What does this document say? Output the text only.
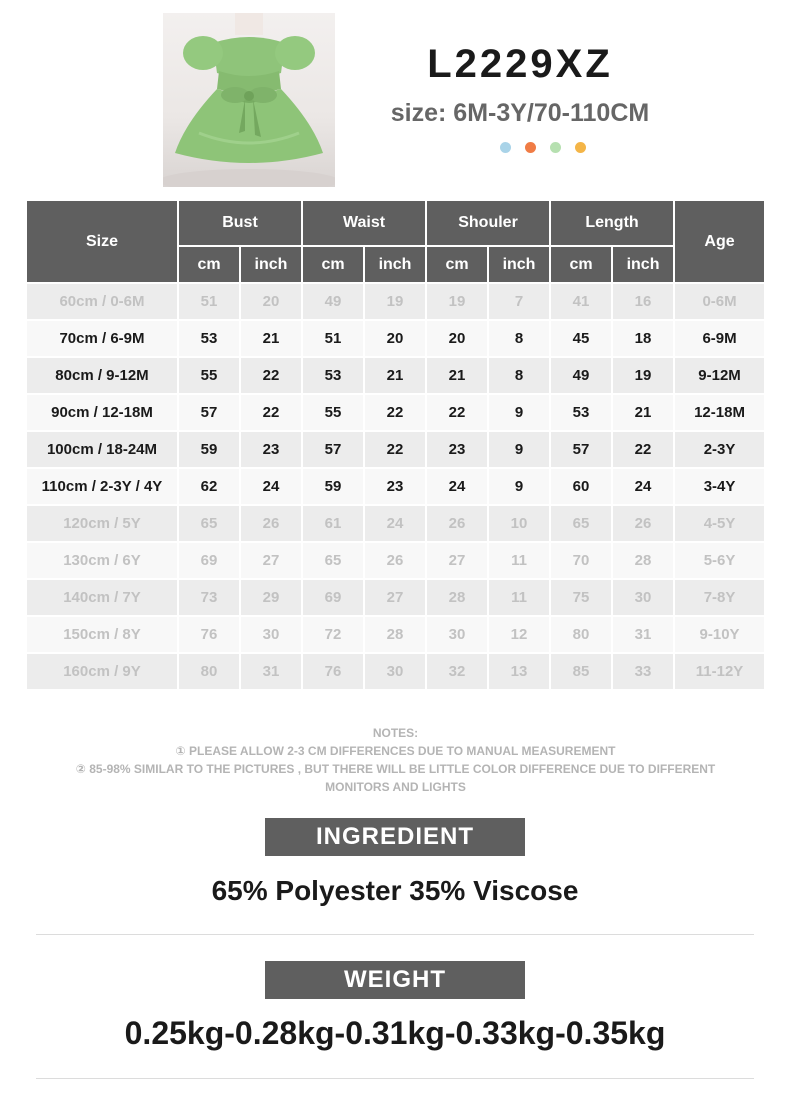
L2229XZ
size: 6M-3Y/70-110CM
Size	Bust		Waist		Shouler		Length		Age
	cm	inch	cm	inch	cm	inch	cm	inch	
60cm / 0-6M	51	20	49	19	19	7	41	16	0-6M
70cm / 6-9M	53	21	51	20	20	8	45	18	6-9M
80cm / 9-12M	55	22	53	21	21	8	49	19	9-12M
90cm / 12-18M	57	22	55	22	22	9	53	21	12-18M
100cm / 18-24M	59	23	57	22	23	9	57	22	2-3Y
110cm / 2-3Y / 4Y	62	24	59	23	24	9	60	24	3-4Y
120cm / 5Y	65	26	61	24	26	10	65	26	4-5Y
130cm / 6Y	69	27	65	26	27	11	70	28	5-6Y
140cm / 7Y	73	29	69	27	28	11	75	30	7-8Y
150cm / 8Y	76	30	72	28	30	12	80	31	9-10Y
160cm / 9Y	80	31	76	30	32	13	85	33	11-12Y
NOTES:
① PLEASE ALLOW 2-3 CM DIFFERENCES DUE TO MANUAL MEASUREMENT
② 85-98% SIMILAR TO THE PICTURES , BUT THERE WILL BE LITTLE COLOR DIFFERENCE DUE TO DIFFERENT
MONITORS AND LIGHTS
INGREDIENT
65% Polyester 35% Viscose
WEIGHT
0.25kg-0.28kg-0.31kg-0.33kg-0.35kg
